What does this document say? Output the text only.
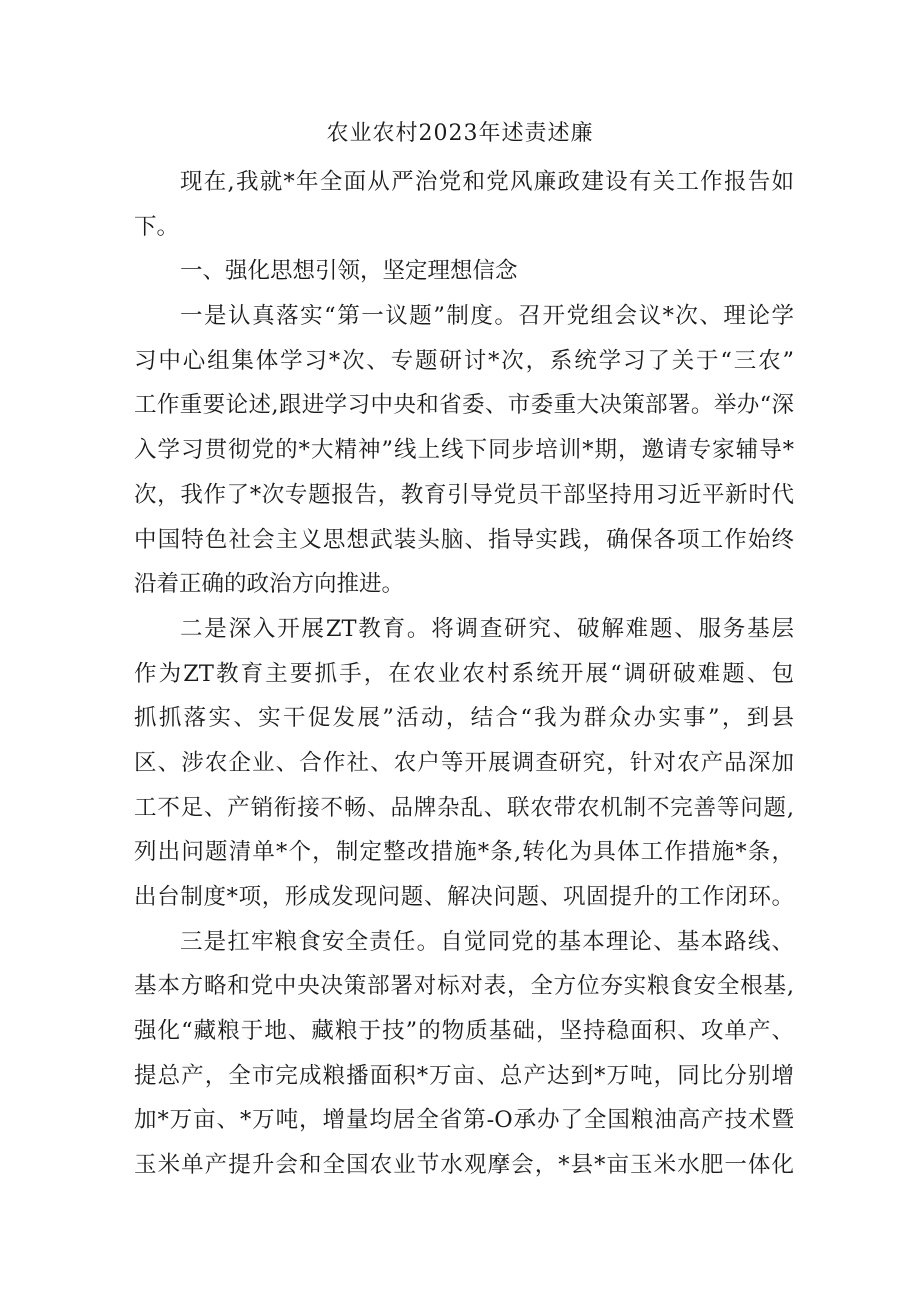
农业农村2023年述责述廉
现在,我就*年全面从严治党和党风廉政建设有关工作报告如
下。
一、强化思想引领，坚定理想信念
一是认真落实“第一议题”制度。召开党组会议*次、理论学
习中心组集体学习*次、专题研讨*次，系统学习了关于“三农”
工作重要论述,跟进学习中央和省委、市委重大决策部署。举办“深
入学习贯彻党的*大精神”线上线下同步培训*期，邀请专家辅导*
次，我作了*次专题报告，教育引导党员干部坚持用习近平新时代
中国特色社会主义思想武装头脑、指导实践，确保各项工作始终
沿着正确的政治方向推进。
二是深入开展ZT教育。将调查研究、破解难题、服务基层
作为ZT教育主要抓手，在农业农村系统开展“调研破难题、包
抓抓落实、实干促发展”活动，结合“我为群众办实事”，到县
区、涉农企业、合作社、农户等开展调查研究，针对农产品深加
工不足、产销衔接不畅、品牌杂乱、联农带农机制不完善等问题,
列出问题清单*个，制定整改措施*条,转化为具体工作措施*条，
出台制度*项，形成发现问题、解决问题、巩固提升的工作闭环。
三是扛牢粮食安全责任。自觉同党的基本理论、基本路线、
基本方略和党中央决策部署对标对表，全方位夯实粮食安全根基,
强化“藏粮于地、藏粮于技”的物质基础，坚持稳面积、攻单产、
提总产，全市完成粮播面积*万亩、总产达到*万吨，同比分别增
加*万亩、*万吨，增量均居全省第-O承办了全国粮油高产技术暨
玉米单产提升会和全国农业节水观摩会，*县*亩玉米水肥一体化
